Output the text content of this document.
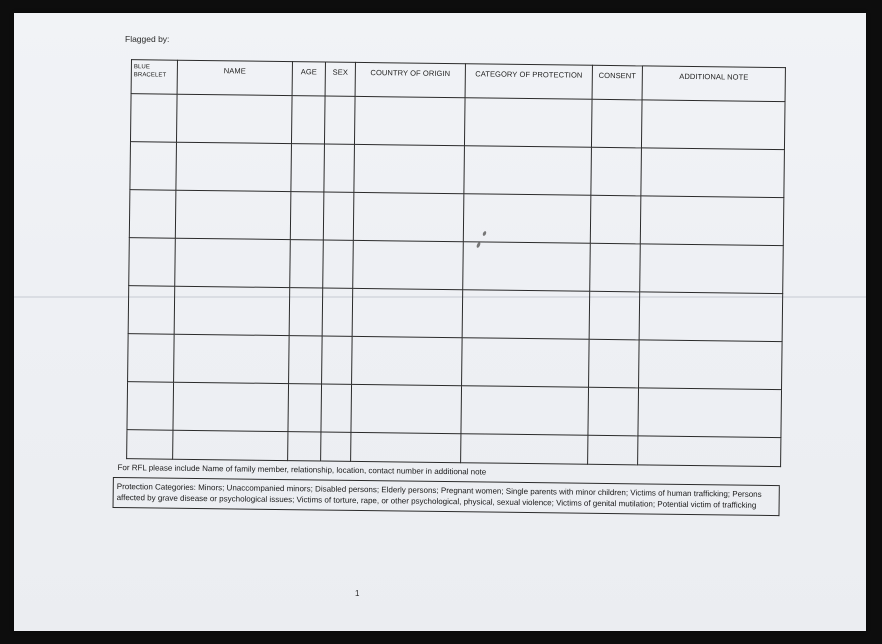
Flagged by:
BLUE BRACELET	NAME	AGE	SEX	COUNTRY OF ORIGIN	CATEGORY OF PROTECTION	CONSENT	ADDITIONAL NOTE

For RFL please include Name of family member, relationship, location, contact number in additional note
Protection Categories: Minors; Unaccompanied minors; Disabled persons; Elderly persons; Pregnant women; Single parents with minor children; Victims of human trafficking; Persons affected by grave disease or psychological issues; Victims of torture, rape, or other psychological, physical, sexual violence; Victims of genital mutilation; Potential victim of trafficking
1
